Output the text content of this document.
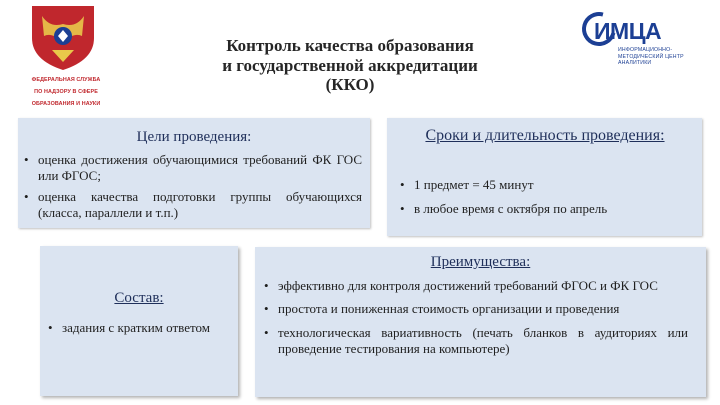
ФЕДЕРАЛЬНАЯ СЛУЖБА
ПО НАДЗОРУ В СФЕРЕ
ОБРАЗОВАНИЯ И НАУКИ
Контроль качества образования
и государственной аккредитации
(ККО)
ИМЦА
ИНФОРМАЦИОННО-
МЕТОДИЧЕСКИЙ ЦЕНТР
АНАЛИТИКИ
Цели проведения:
• оценка достижения обучающимися требований ФК ГОС или ФГОС;
• оценка качества подготовки группы обучающихся (класса, параллели и т.п.)
Сроки и длительность проведения:
• 1 предмет = 45 минут
• в любое время с октября по апрель
Состав:
• задания с кратким ответом
Преимущества:
• эффективно для контроля достижений требований ФГОС и ФК ГОС
• простота и пониженная стоимость организации и проведения
• технологическая вариативность (печать бланков в аудиториях или проведение тестирования на компьютере)
